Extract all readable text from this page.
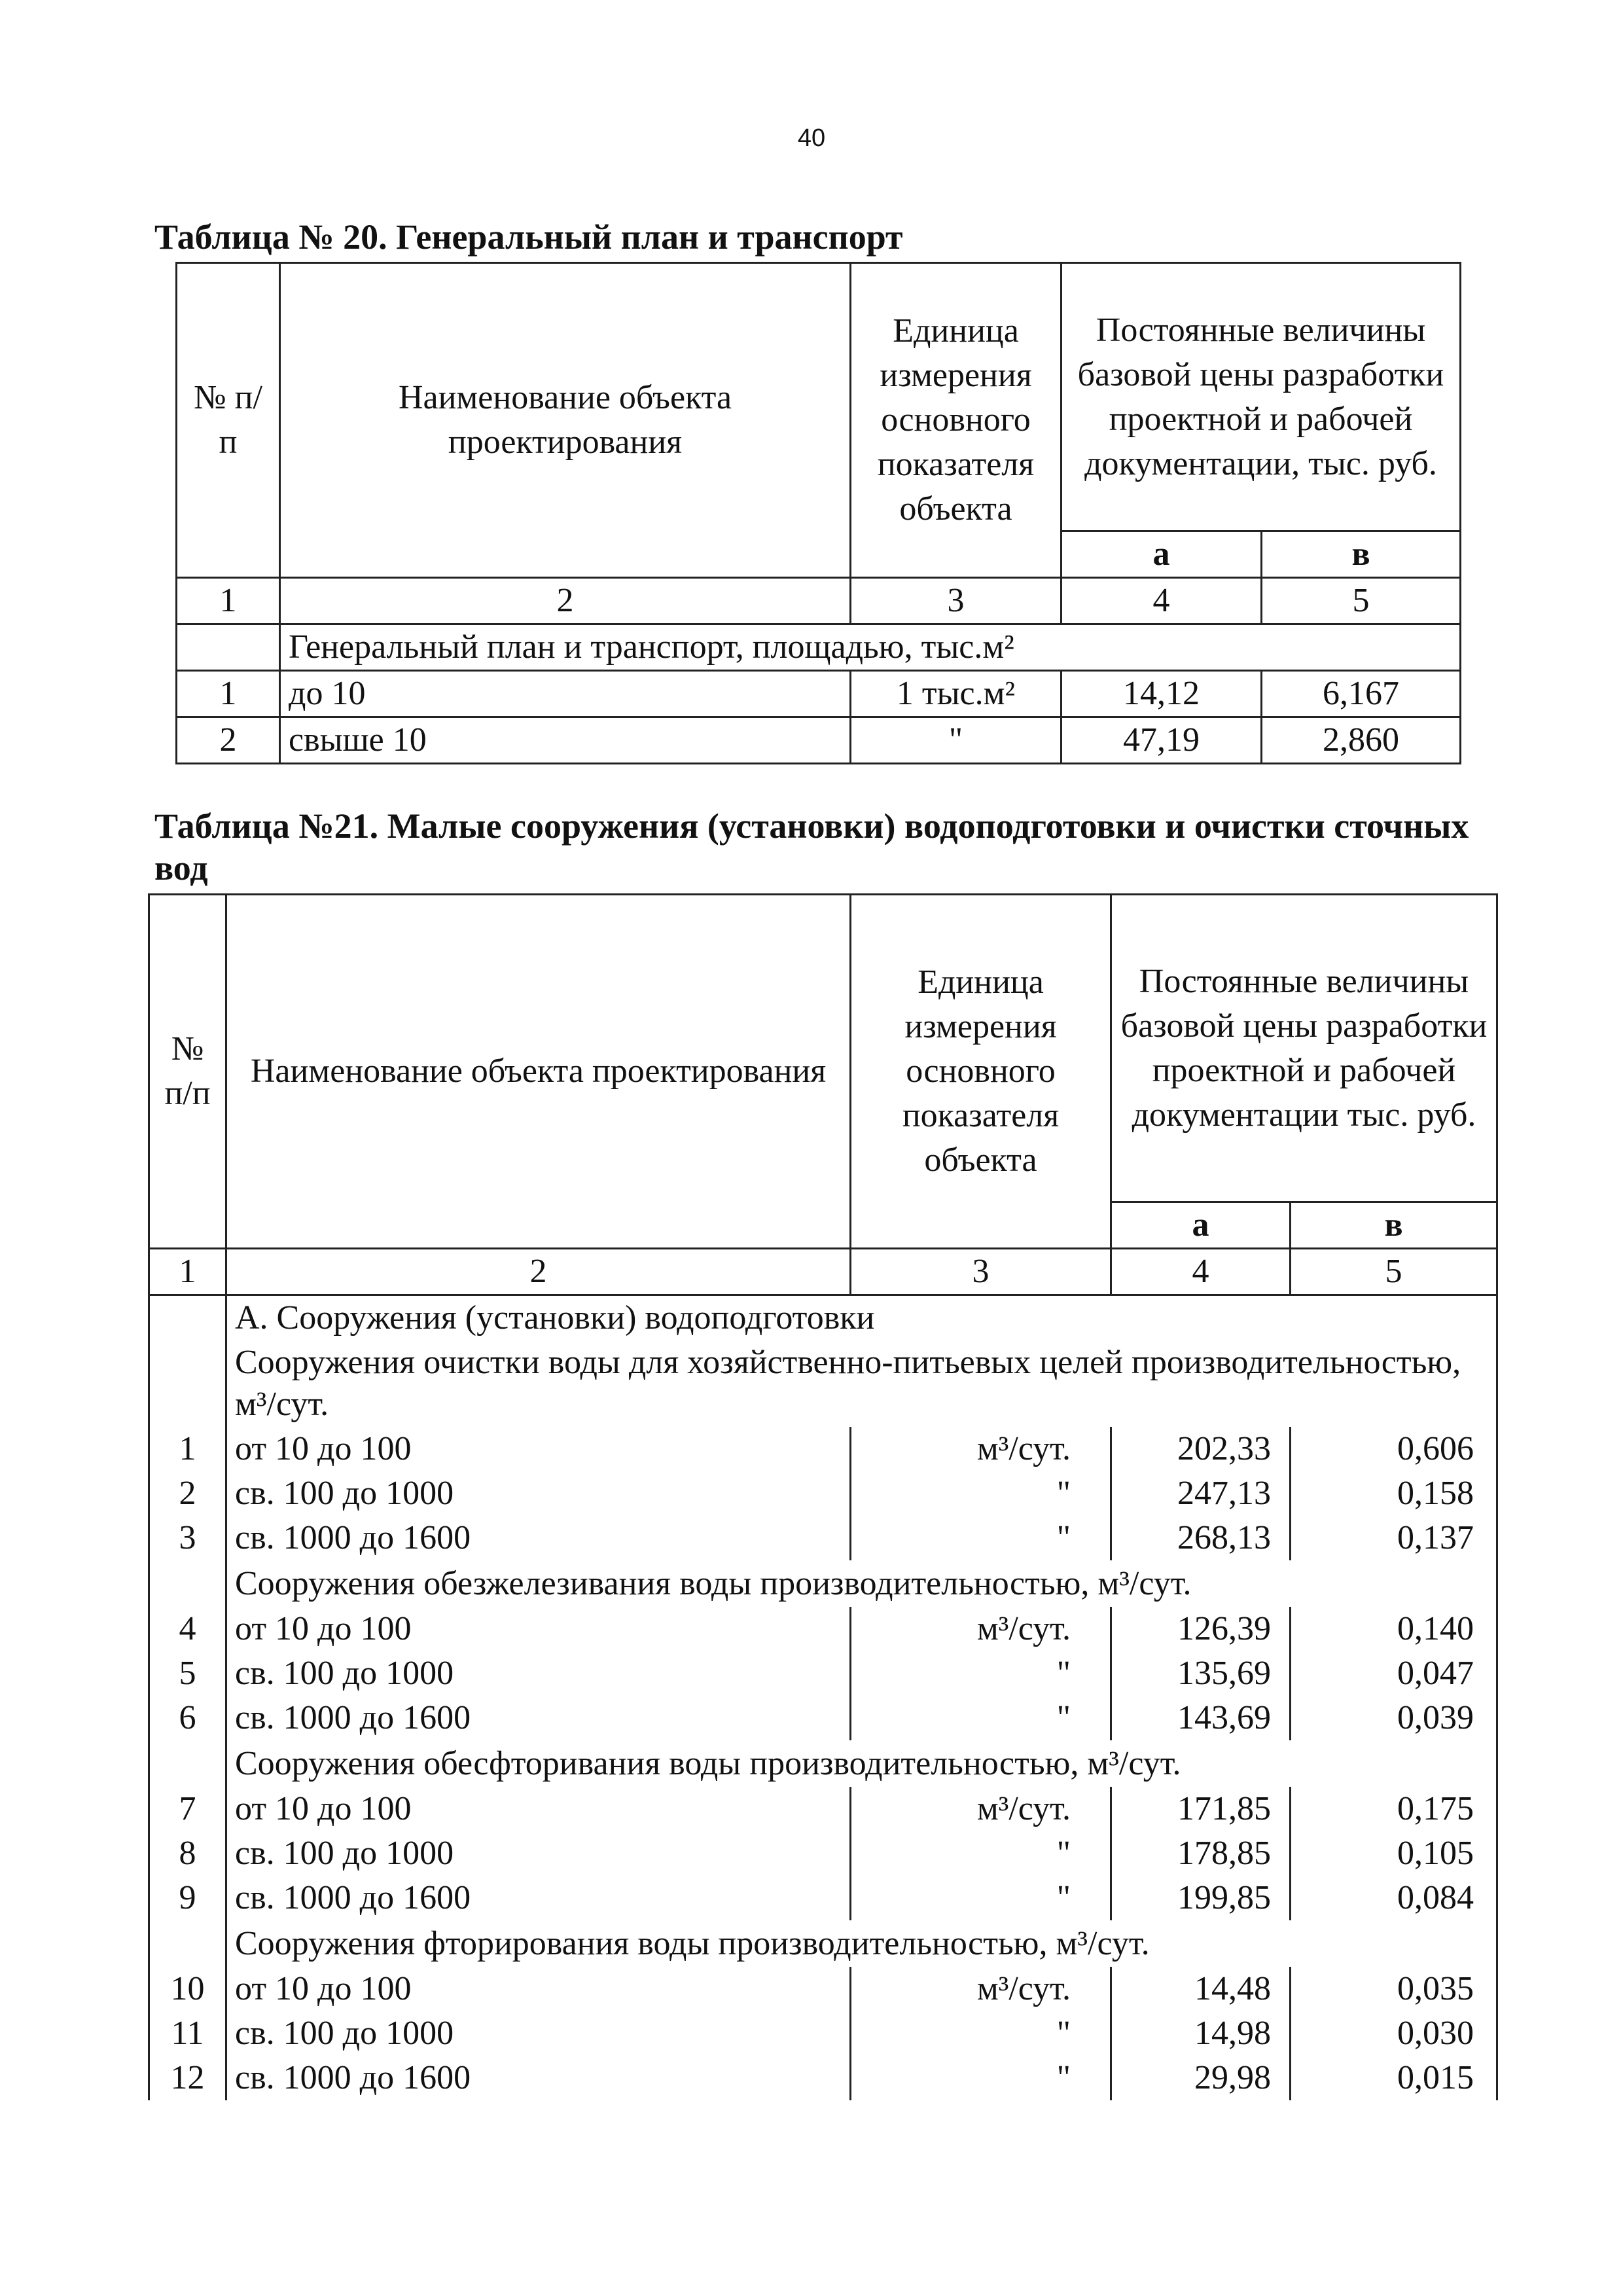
40
Таблица № 20. Генеральный план и транспорт
№ п/п	Наименование объекта проектирования	Единица измерения основного показателя объекта	Постоянные величины базовой цены разработки проектной и рабочей документации, тыс. руб.	
			а	в
1	2	3	4	5
	Генеральный план и транспорт, площадью, тыс.м²			
1	до 10	1 тыс.м²	14,12	6,167
2	свыше 10	"	47,19	2,860
Таблица №21. Малые сооружения (установки) водоподготовки и очистки сточных вод
№ п/п	Наименование объекта проектирования	Единица измерения основного показателя объекта	Постоянные величины базовой цены разработки проектной и рабочей документации тыс. руб.	
			а	в
1	2	3	4	5
	А. Сооружения (установки) водоподготовки			
	Сооружения очистки воды для хозяйственно-питьевых целей производительностью, м³/сут.			
1	от 10 до 100	м³/сут.	202,33	0,606
2	св. 100 до 1000	"	247,13	0,158
3	св. 1000 до 1600	"	268,13	0,137
	Сооружения обезжелезивания воды производительностью, м³/сут.			
4	от 10 до 100	м³/сут.	126,39	0,140
5	св. 100 до 1000	"	135,69	0,047
6	св. 1000 до 1600	"	143,69	0,039
	Сооружения обесфторивания воды производительностью, м³/сут.			
7	от 10 до 100	м³/сут.	171,85	0,175
8	св. 100 до 1000	"	178,85	0,105
9	св. 1000 до 1600	"	199,85	0,084
	Сооружения фторирования воды производительностью, м³/сут.			
10	от 10 до 100	м³/сут.	14,48	0,035
11	св. 100 до 1000	"	14,98	0,030
12	св. 1000 до 1600	"	29,98	0,015
